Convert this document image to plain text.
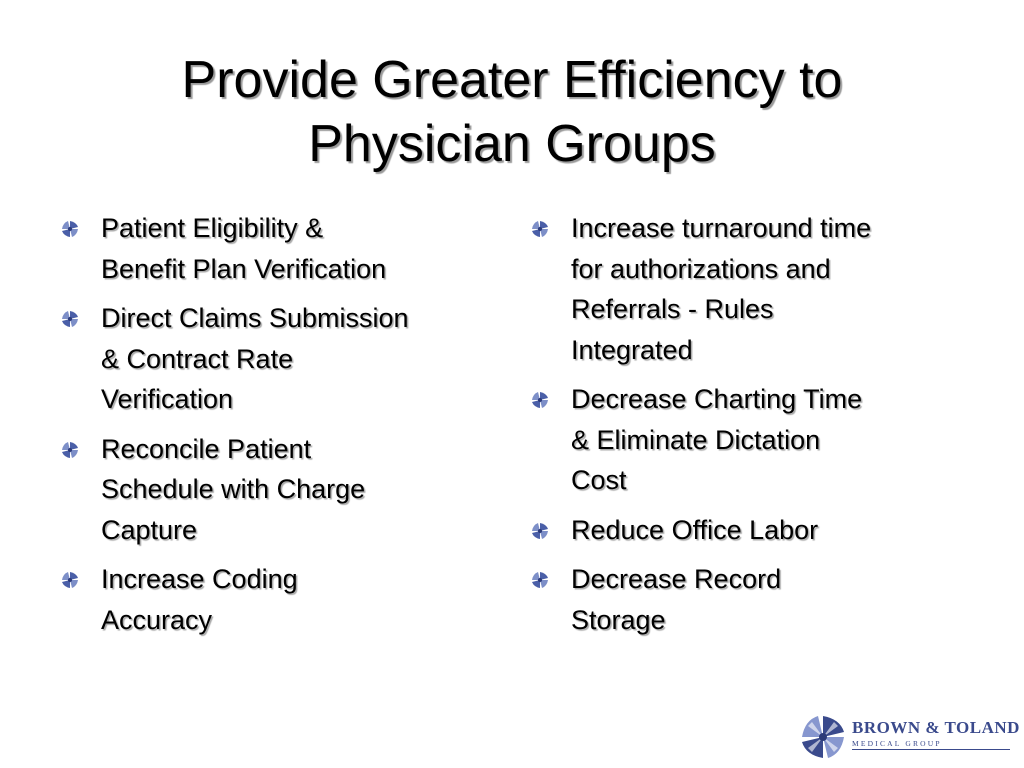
Provide Greater Efficiency to
Physician Groups
Patient Eligibility &
Benefit Plan Verification
Direct Claims Submission
& Contract Rate
Verification
Reconcile Patient
Schedule with Charge
Capture
Increase Coding
Accuracy
Increase turnaround time
for authorizations and
Referrals - Rules
Integrated
Decrease Charting Time
& Eliminate Dictation
Cost
Reduce Office Labor
Decrease Record
Storage
BROWN & TOLAND
MEDICAL GROUP
